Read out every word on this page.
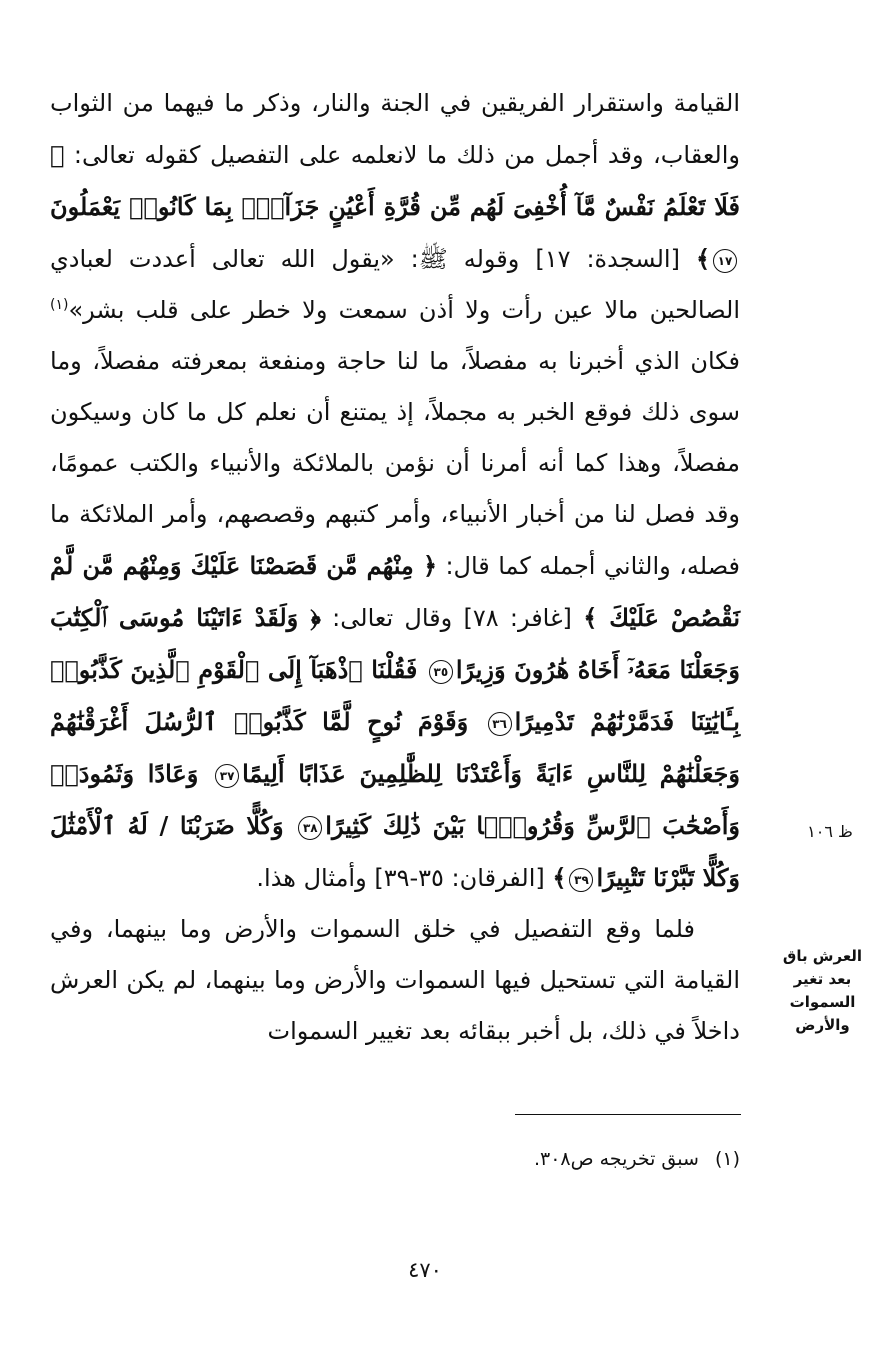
القيامة واستقرار الفريقين في الجنة والنار، وذكر ما فيهما من الثواب والعقاب، وقد أجمل من ذلك ما لانعلمه على التفصيل كقوله تعالى: ﴿ فَلَا تَعْلَمُ نَفْسٌ مَّآ أُخْفِىَ لَهُم مِّن قُرَّةِ أَعْيُنٍ جَزَآءًۢ بِمَا كَانُوا۟ يَعْمَلُونَ١٧﴾ [السجدة: ١٧] وقوله ﷺ: «يقول الله تعالى أعددت لعبادي الصالحين مالا عين رأت ولا أذن سمعت ولا خطر على قلب بشر»$^{(١)}$ فكان الذي أخبرنا به مفصلاً، ما لنا حاجة ومنفعة بمعرفته مفصلاً، وما سوى ذلك فوقع الخبر به مجملاً، إذ يمتنع أن نعلم كل ما كان وسيكون مفصلاً، وهذا كما أنه أمرنا أن نؤمن بالملائكة والأنبياء والكتب عمومًا، وقد فصل لنا من أخبار الأنبياء، وأمر كتبهم وقصصهم، وأمر الملائكة ما فصله، والثاني أجمله كما قال: ﴿ مِنْهُم مَّن قَصَصْنَا عَلَيْكَ وَمِنْهُم مَّن لَّمْ نَقْصُصْ عَلَيْكَ ﴾ [غافر: ٧٨] وقال تعالى: ﴿ وَلَقَدْ ءَاتَيْنَا مُوسَى ٱلْكِتَٰبَ وَجَعَلْنَا مَعَهُۥٓ أَخَاهُ هَٰرُونَ وَزِيرًا٣٥ فَقُلْنَا ٱذْهَبَآ إِلَى ٱلْقَوْمِ ٱلَّذِينَ كَذَّبُوا۟ بِـَٔايَٰتِنَا فَدَمَّرْنَٰهُمْ تَدْمِيرًا٣٦ وَقَوْمَ نُوحٍ لَّمَّا كَذَّبُوا۟ ٱلرُّسُلَ أَغْرَقْنَٰهُمْ وَجَعَلْنَٰهُمْ لِلنَّاسِ ءَايَةً وَأَعْتَدْنَا لِلظَّٰلِمِينَ عَذَابًا أَلِيمًا٣٧ وَعَادًا وَثَمُودَا۟ وَأَصْحَٰبَ ٱلرَّسِّ وَقُرُونًۢا بَيْنَ ذَٰلِكَ كَثِيرًا٣٨ وَكُلًّا ضَرَبْنَا / لَهُ ٱلْأَمْثَٰلَ وَكُلًّا تَبَّرْنَا تَتْبِيرًا٣٩﴾ [الفرقان: ٣٥-٣٩] وأمثال هذا.

فلما وقع التفصيل في خلق السموات والأرض وما بينهما، وفي القيامة التي تستحيل فيها السموات والأرض وما بينهما، لم يكن العرش داخلاً في ذلك، بل أخبر ببقائه بعد تغيير السموات

ظ ١٠٦
العرش باق بعد تغير السموات والأرض
(١)سبق تخريجه ص٣٠٨.
٤٧٠
